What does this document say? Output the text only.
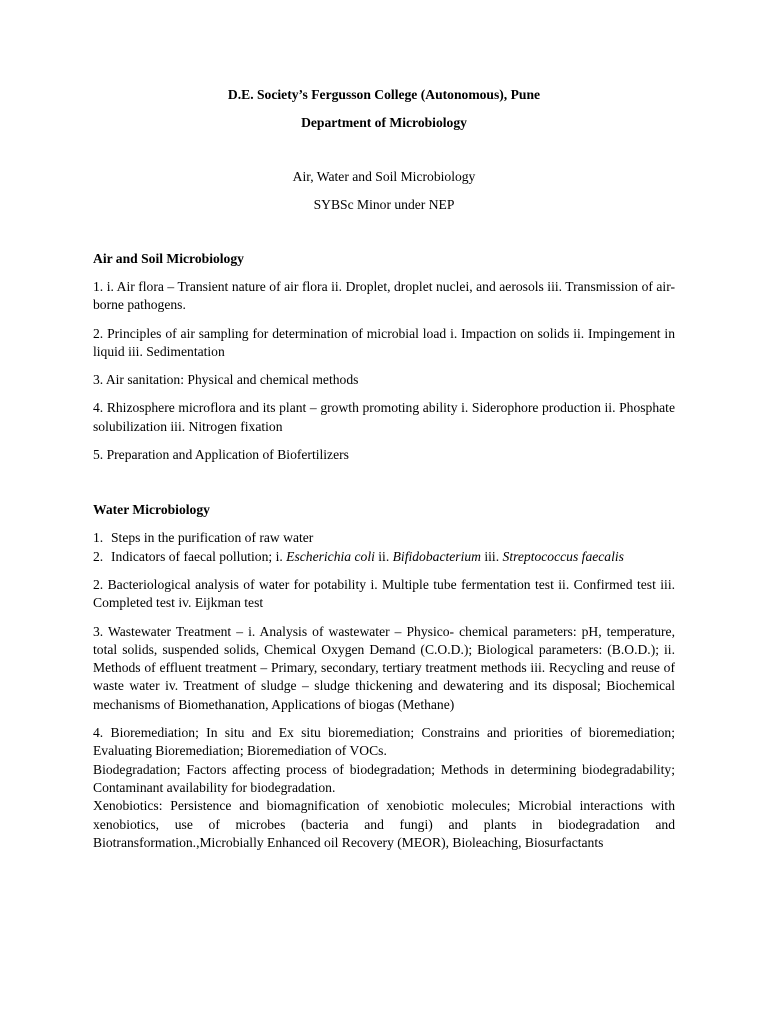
D.E. Society’s Fergusson College (Autonomous), Pune

Department of Microbiology

Air, Water and Soil Microbiology

SYBSc Minor under NEP

Air and Soil Microbiology

1. i. Air flora – Transient nature of air flora ii. Droplet, droplet nuclei, and aerosols iii. Transmission of air-borne pathogens.

2. Principles of air sampling for determination of microbial load i. Impaction on solids ii. Impingement in liquid iii. Sedimentation

3. Air sanitation: Physical and chemical methods

4. Rhizosphere microflora and its plant – growth promoting ability i. Siderophore production ii. Phosphate solubilization iii. Nitrogen fixation

5. Preparation and Application of Biofertilizers

Water Microbiology

1. Steps in the purification of raw water
2. Indicators of faecal pollution; i. Escherichia coli ii. Bifidobacterium iii. Streptococcus faecalis

2. Bacteriological analysis of water for potability i. Multiple tube fermentation test ii. Confirmed test iii. Completed test iv. Eijkman test

3. Wastewater Treatment – i. Analysis of wastewater – Physico- chemical parameters: pH, temperature, total solids, suspended solids, Chemical Oxygen Demand (C.O.D.); Biological parameters: (B.O.D.); ii. Methods of effluent treatment – Primary, secondary, tertiary treatment methods iii. Recycling and reuse of waste water iv. Treatment of sludge – sludge thickening and dewatering and its disposal; Biochemical mechanisms of Biomethanation, Applications of biogas (Methane)

4. Bioremediation; In situ and Ex situ bioremediation; Constrains and priorities of bioremediation; Evaluating Bioremediation; Bioremediation of VOCs.

Biodegradation; Factors affecting process of biodegradation; Methods in determining biodegradability; Contaminant availability for biodegradation.

Xenobiotics: Persistence and biomagnification of xenobiotic molecules; Microbial interactions with xenobiotics, use of microbes (bacteria and fungi) and plants in biodegradation and Biotransformation.,Microbially Enhanced oil Recovery (MEOR), Bioleaching, Biosurfactants
